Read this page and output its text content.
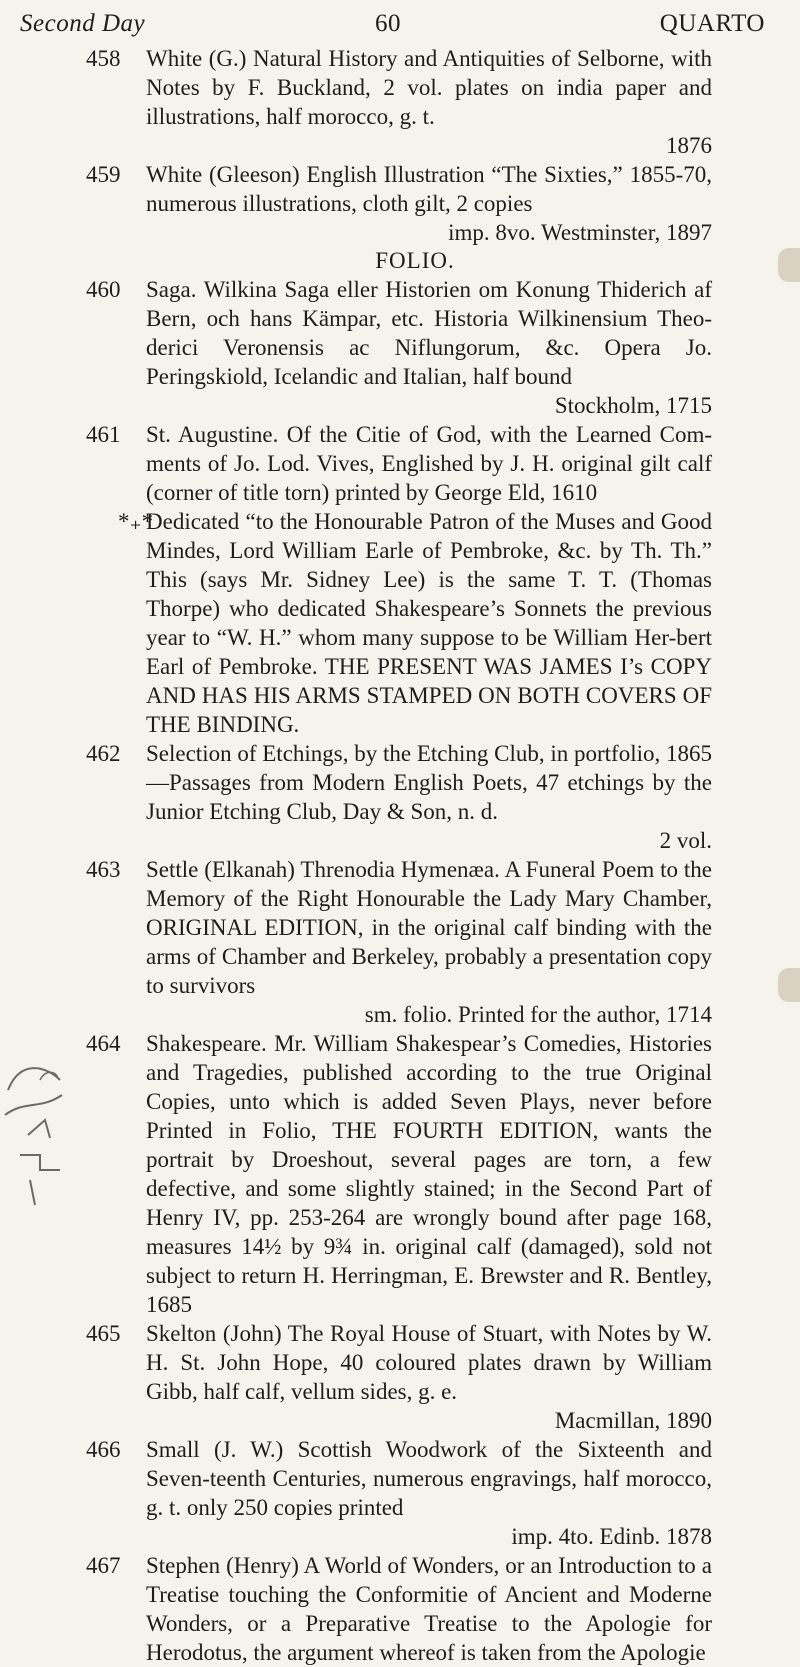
Second Day	60	QUARTO
458 White (G.) Natural History and Antiquities of Selborne, with Notes by F. Buckland, 2 vol. plates on india paper and illustrations, half morocco, g. t.
1876
459 White (Gleeson) English Illustration “The Sixties,” 1855-70, numerous illustrations, cloth gilt, 2 copies
imp. 8vo. Westminster, 1897
FOLIO.
460 Saga. Wilkina Saga eller Historien om Konung Thiderich af Bern, och hans Kämpar, etc. Historia Wilkinensium Theo-derici Veronensis ac Niflungorum, &c. Opera Jo. Peringskiold, Icelandic and Italian, half bound
Stockholm, 1715
461 St. Augustine. Of the Citie of God, with the Learned Com-ments of Jo. Lod. Vives, Englished by J. H. original gilt calf (corner of title torn) printed by George Eld, 1610
*₊*
Dedicated “to the Honourable Patron of the Muses and Good Mindes, Lord William Earle of Pembroke, &c. by Th. Th.” This (says Mr. Sidney Lee) is the same T. T. (Thomas Thorpe) who dedicated Shakespeare’s Sonnets the previous year to “W. H.” whom many suppose to be William Her-bert Earl of Pembroke. THE PRESENT WAS JAMES I’s COPY AND HAS HIS ARMS STAMPED ON BOTH COVERS OF THE BINDING.
462 Selection of Etchings, by the Etching Club, in portfolio, 1865 —Passages from Modern English Poets, 47 etchings by the Junior Etching Club, Day & Son, n. d.
2 vol.
463 Settle (Elkanah) Threnodia Hymenæa. A Funeral Poem to the Memory of the Right Honourable the Lady Mary Chamber, ORIGINAL EDITION, in the original calf binding with the arms of Chamber and Berkeley, probably a presentation copy to survivors
sm. folio. Printed for the author, 1714
464 Shakespeare. Mr. William Shakespear’s Comedies, Histories and Tragedies, published according to the true Original Copies, unto which is added Seven Plays, never before Printed in Folio, THE FOURTH EDITION, wants the portrait by Droeshout, several pages are torn, a few defective, and some slightly stained; in the Second Part of Henry IV, pp. 253-264 are wrongly bound after page 168, measures 14½ by 9¾ in. original calf (damaged), sold not subject to return H. Herringman, E. Brewster and R. Bentley, 1685
465 Skelton (John) The Royal House of Stuart, with Notes by W. H. St. John Hope, 40 coloured plates drawn by William Gibb, half calf, vellum sides, g. e.
Macmillan, 1890
466 Small (J. W.) Scottish Woodwork of the Sixteenth and Seven-teenth Centuries, numerous engravings, half morocco, g. t. only 250 copies printed
imp. 4to. Edinb. 1878
467 Stephen (Henry) A World of Wonders, or an Introduction to a Treatise touching the Conformitie of Ancient and Moderne Wonders, or a Preparative Treatise to the Apologie for Herodotus, the argument whereof is taken from the Apologie
